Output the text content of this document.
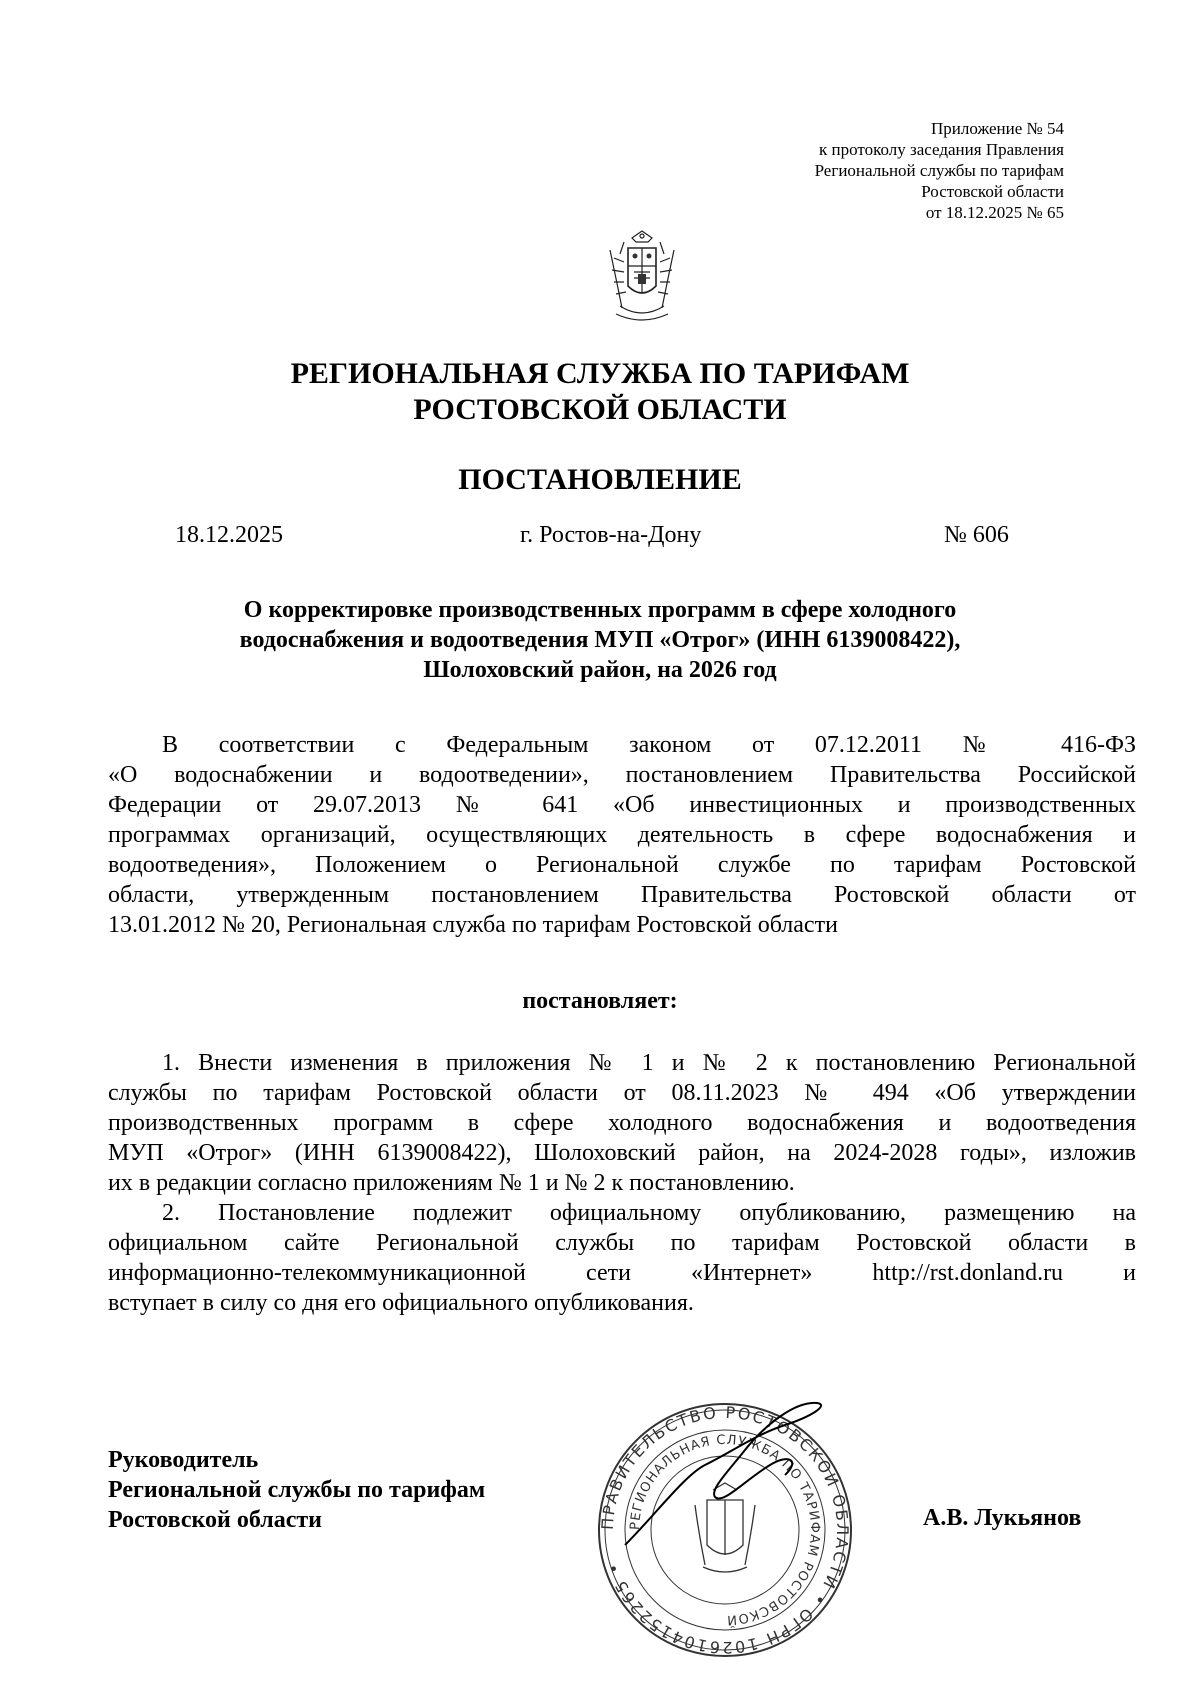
Приложение № 54
к протоколу заседания Правления
Региональной службы по тарифам
Ростовской области
от 18.12.2025 № 65
РЕГИОНАЛЬНАЯ СЛУЖБА ПО ТАРИФАМ
РОСТОВСКОЙ ОБЛАСТИ
ПОСТАНОВЛЕНИЕ
18.12.2025	г. Ростов-на-Дону	№ 606
О корректировке производственных программ в сфере холодного
водоснабжения и водоотведения МУП «Отрог» (ИНН 6139008422),
Шолоховский район, на 2026 год
В соответствии с Федеральным законом от 07.12.2011 № 416-ФЗ
«О водоснабжении и водоотведении», постановлением Правительства Российской
Федерации от 29.07.2013 № 641 «Об инвестиционных и производственных
программах организаций, осуществляющих деятельность в сфере водоснабжения и
водоотведения», Положением о Региональной службе по тарифам Ростовской
области, утвержденным постановлением Правительства Ростовской области от
13.01.2012 № 20, Региональная служба по тарифам Ростовской области
постановляет:
1. Внести изменения в приложения № 1 и № 2 к постановлению Региональной
службы по тарифам Ростовской области от 08.11.2023 № 494 «Об утверждении
производственных программ в сфере холодного водоснабжения и водоотведения
МУП «Отрог» (ИНН 6139008422), Шолоховский район, на 2024-2028 годы», изложив
их в редакции согласно приложениям № 1 и № 2 к постановлению.
2. Постановление подлежит официальному опубликованию, размещению на
официальном сайте Региональной службы по тарифам Ростовской области в
информационно-телекоммуникационной сети «Интернет» http://rst.donland.ru и
вступает в силу со дня его официального опубликования.
Руководитель
Региональной службы по тарифам
Ростовской области	А.В. Лукьянов
ПРАВИТЕЛЬСТВО РОСТОВСКОЙ ОБЛАСТИ • ОГРН 1026104152265 •
РЕГИОНАЛЬНАЯ СЛУЖБА ПО ТАРИФАМ РОСТОВСКОЙ
